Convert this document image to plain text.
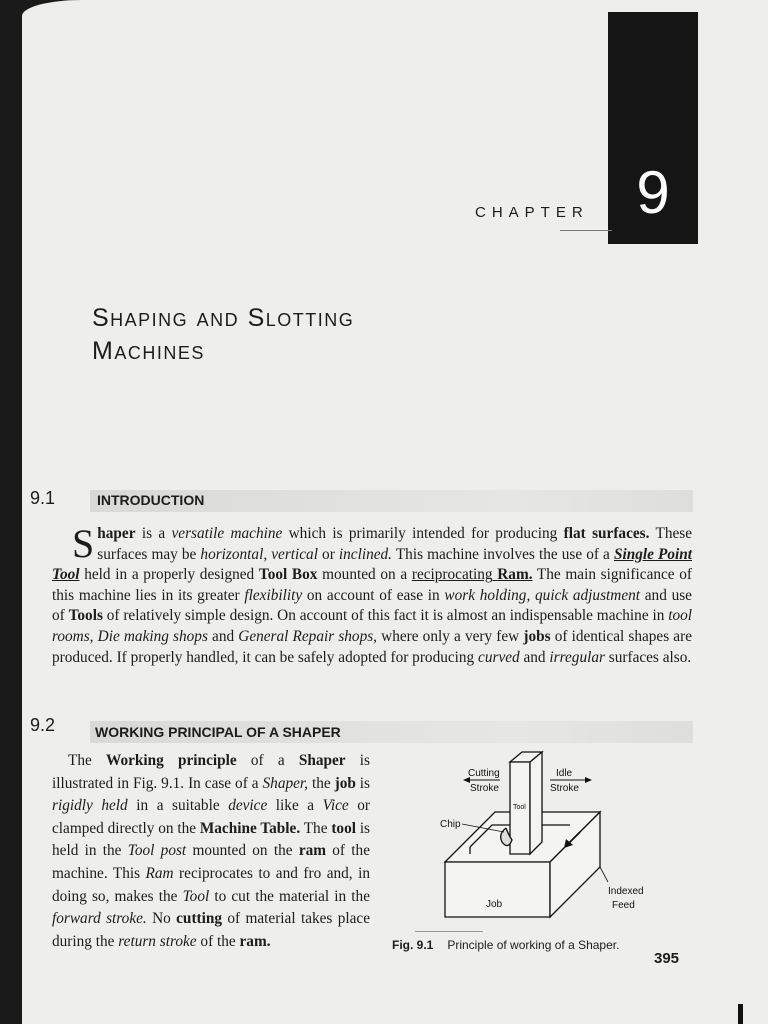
9
CHAPTER
Shaping and Slotting
Machines
9.1	INTRODUCTION
Shaper is a versatile machine which is primarily intended for producing flat surfaces. These surfaces may be horizontal, vertical or inclined. This machine involves the use of a Single Point Tool held in a properly designed Tool Box mounted on a reciprocating Ram. The main significance of this machine lies in its greater flexibility on account of ease in work holding, quick adjustment and use of Tools of relatively simple design. On account of this fact it is almost an indispensable machine in tool rooms, Die making shops and General Repair shops, where only a very few jobs of identical shapes are produced. If properly handled, it can be safely adopted for producing curved and irregular surfaces also.
9.2	WORKING PRINCIPAL OF A SHAPER
The Working principle of a Shaper is illustrated in Fig. 9.1. In case of a Shaper, the job is rigidly held in a suitable device like a Vice or clamped directly on the Machine Table. The tool is held in the Tool post mounted on the ram of the machine. This Ram reciprocates to and fro and, in doing so, makes the Tool to cut the material in the forward stroke. No cutting of material takes place during the return stroke of the ram.
Cutting
Stroke
Idle
Stroke
Tool
Chip
Job
Indexed
Feed
Fig. 9.1 Principle of working of a Shaper.
395
